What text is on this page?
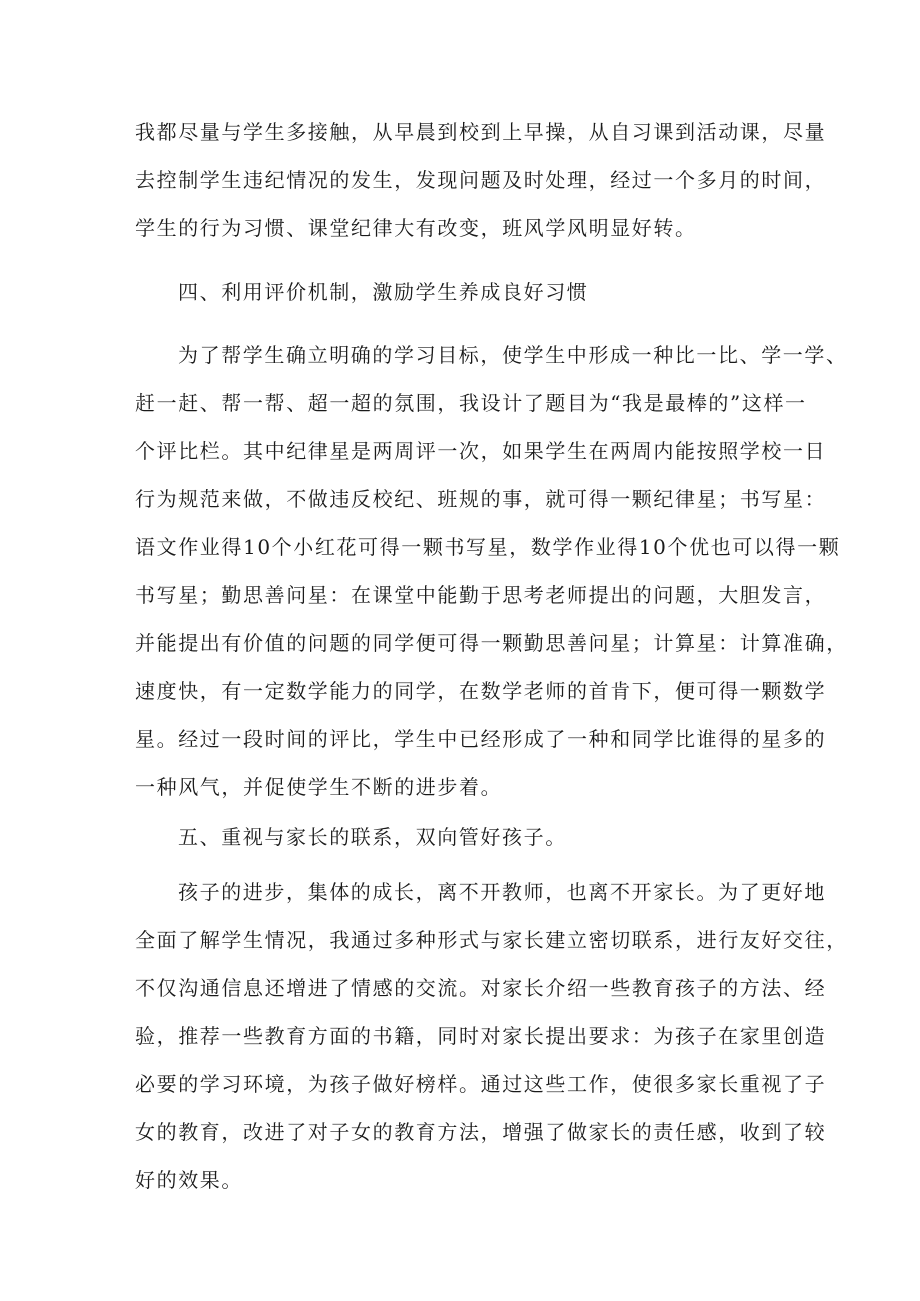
我都尽量与学生多接触，从早晨到校到上早操，从自习课到活动课，尽量
去控制学生违纪情况的发生，发现问题及时处理，经过一个多月的时间，
学生的行为习惯、课堂纪律大有改变，班风学风明显好转。
四、利用评价机制，激励学生养成良好习惯
为了帮学生确立明确的学习目标，使学生中形成一种比一比、学一学、
赶一赶、帮一帮、超一超的氛围，我设计了题目为“我是最棒的”这样一
个评比栏。其中纪律星是两周评一次，如果学生在两周内能按照学校一日
行为规范来做，不做违反校纪、班规的事，就可得一颗纪律星；书写星：
语文作业得10个小红花可得一颗书写星，数学作业得10个优也可以得一颗
书写星；勤思善问星：在课堂中能勤于思考老师提出的问题，大胆发言，
并能提出有价值的问题的同学便可得一颗勤思善问星；计算星：计算准确，
速度快，有一定数学能力的同学，在数学老师的首肯下，便可得一颗数学
星。经过一段时间的评比，学生中已经形成了一种和同学比谁得的星多的
一种风气，并促使学生不断的进步着。
五、重视与家长的联系，双向管好孩子。
孩子的进步，集体的成长，离不开教师，也离不开家长。为了更好地
全面了解学生情况，我通过多种形式与家长建立密切联系，进行友好交往，
不仅沟通信息还增进了情感的交流。对家长介绍一些教育孩子的方法、经
验，推荐一些教育方面的书籍，同时对家长提出要求：为孩子在家里创造
必要的学习环境，为孩子做好榜样。通过这些工作，使很多家长重视了子
女的教育，改进了对子女的教育方法，增强了做家长的责任感，收到了较
好的效果。
